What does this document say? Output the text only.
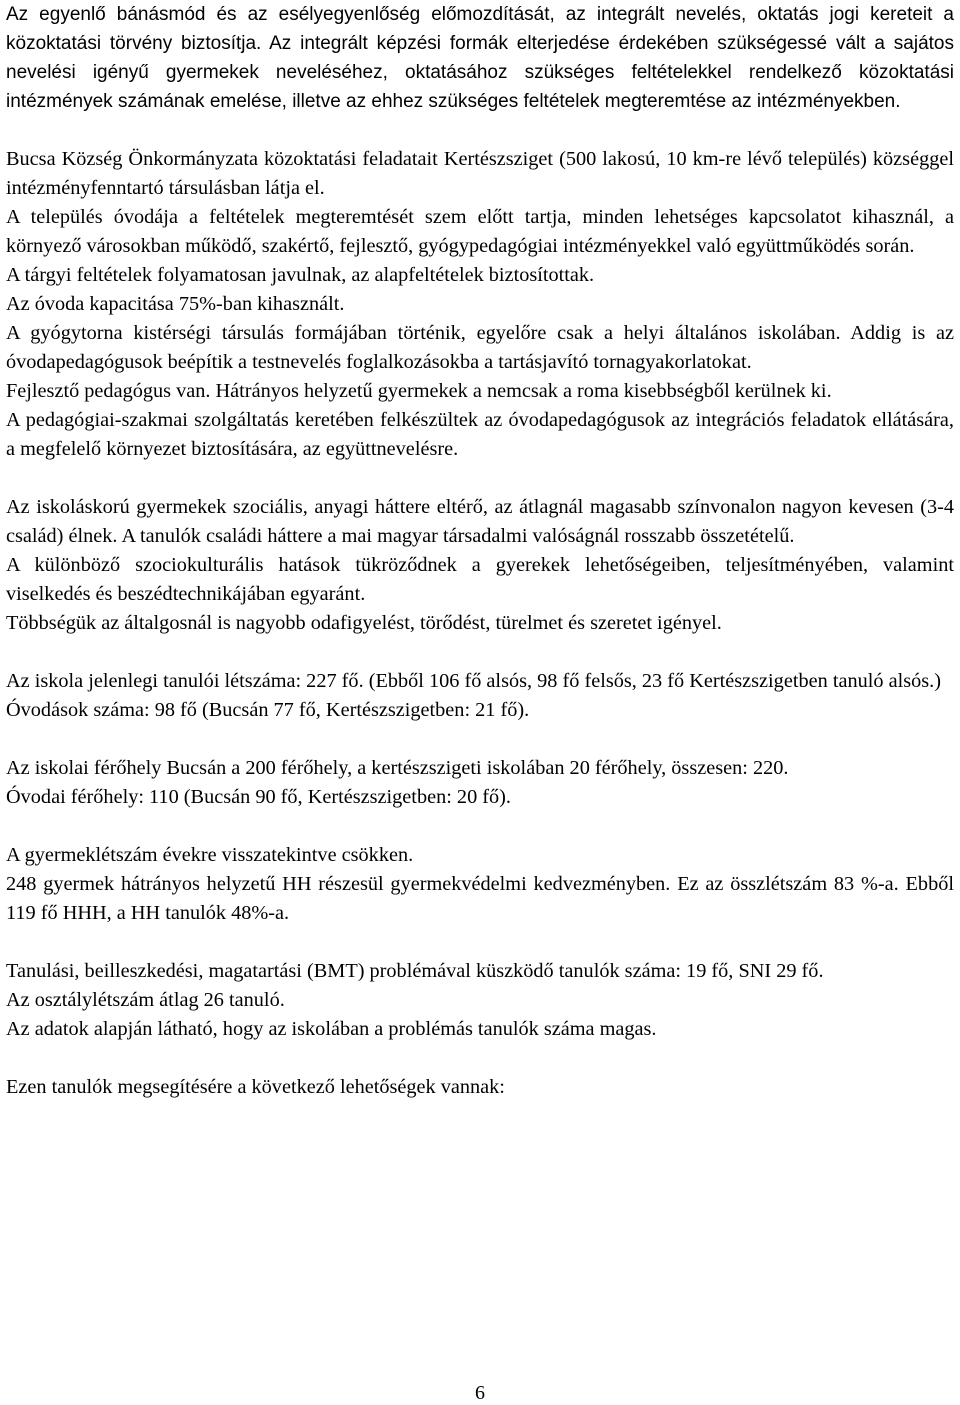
Az egyenlő bánásmód és az esélyegyenlőség előmozdítását, az integrált nevelés, oktatás jogi kereteit a közoktatási törvény biztosítja. Az integrált képzési formák elterjedése érdekében szükségessé vált a sajátos nevelési igényű gyermekek neveléséhez, oktatásához szükséges feltételekkel rendelkező közoktatási intézmények számának emelése, illetve az ehhez szükséges feltételek megteremtése az intézményekben.

Bucsa Község Önkormányzata közoktatási feladatait Kertészsziget (500 lakosú, 10 km-re lévő település) községgel intézményfenntartó társulásban látja el.

A település óvodája a feltételek megteremtését szem előtt tartja, minden lehetséges kapcsolatot kihasznál, a környező városokban működő, szakértő, fejlesztő, gyógypedagógiai intézményekkel való együttműködés során.

A tárgyi feltételek folyamatosan javulnak, az alapfeltételek biztosítottak.

Az óvoda kapacitása 75%-ban kihasznált.

A gyógytorna kistérségi társulás formájában történik, egyelőre csak a helyi általános iskolában. Addig is az óvodapedagógusok beépítik a testnevelés foglalkozásokba a tartásjavító tornagyakorlatokat.

Fejlesztő pedagógus van. Hátrányos helyzetű gyermekek a nemcsak a roma kisebbségből kerülnek ki.

A pedagógiai-szakmai szolgáltatás keretében felkészültek az óvodapedagógusok az integrációs feladatok ellátására, a megfelelő környezet biztosítására, az együttnevelésre.

Az iskoláskorú gyermekek szociális, anyagi háttere eltérő, az átlagnál magasabb színvonalon nagyon kevesen (3-4 család) élnek. A tanulók családi háttere a mai magyar társadalmi valóságnál rosszabb összetételű.

A különböző szociokulturális hatások tükröződnek a gyerekek lehetőségeiben, teljesítményében, valamint viselkedés és beszédtechnikájában egyaránt.

Többségük az általgosnál is nagyobb odafigyelést, törődést, türelmet és szeretet igényel.

Az iskola jelenlegi tanulói létszáma: 227 fő. (Ebből 106 fő alsós, 98 fő felsős, 23 fő Kertészszigetben tanuló alsós.)

Óvodások száma: 98 fő (Bucsán 77 fő, Kertészszigetben: 21 fő).

Az iskolai férőhely Bucsán a 200 férőhely, a kertészszigeti iskolában 20 férőhely, összesen: 220.

Óvodai férőhely: 110 (Bucsán 90 fő, Kertészszigetben: 20 fő).

A gyermeklétszám évekre visszatekintve csökken.

248 gyermek hátrányos helyzetű HH részesül gyermekvédelmi kedvezményben. Ez az összlétszám 83 %-a. Ebből 119 fő HHH, a HH tanulók 48%-a.

Tanulási, beilleszkedési, magatartási (BMT) problémával küszködő tanulók száma: 19 fő, SNI 29 fő.

Az osztálylétszám átlag 26 tanuló.

Az adatok alapján látható, hogy az iskolában a problémás tanulók száma magas.

Ezen tanulók megsegítésére a következő lehetőségek vannak:

6
